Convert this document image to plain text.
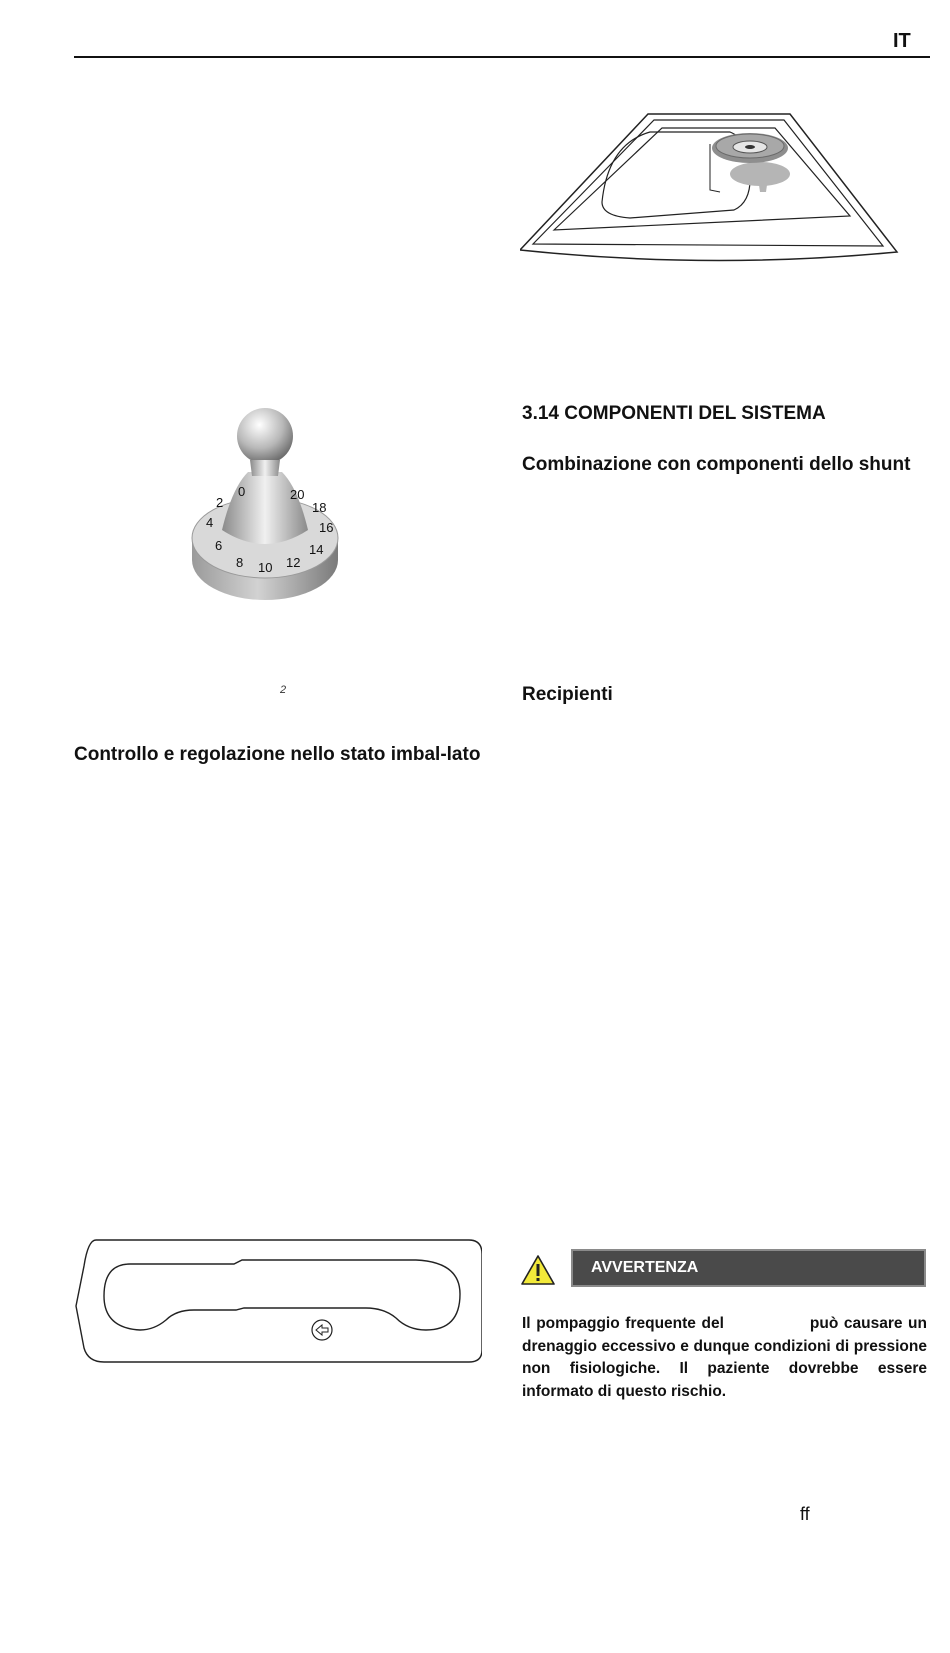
IT
3.14 COMPONENTI DEL SISTEMA
Combinazione con componenti dello shunt
0
2
4
6
8 10 12
14
16
18
20
2	Recipienti
Controllo e regolazione nello stato imbal-lato
AVVERTENZA

Il pompaggio frequente del	può causare un drenaggio eccessivo e dunque condizioni di pressione non fisiologiche. Il paziente dovrebbe essere informato di questo rischio.

ff
